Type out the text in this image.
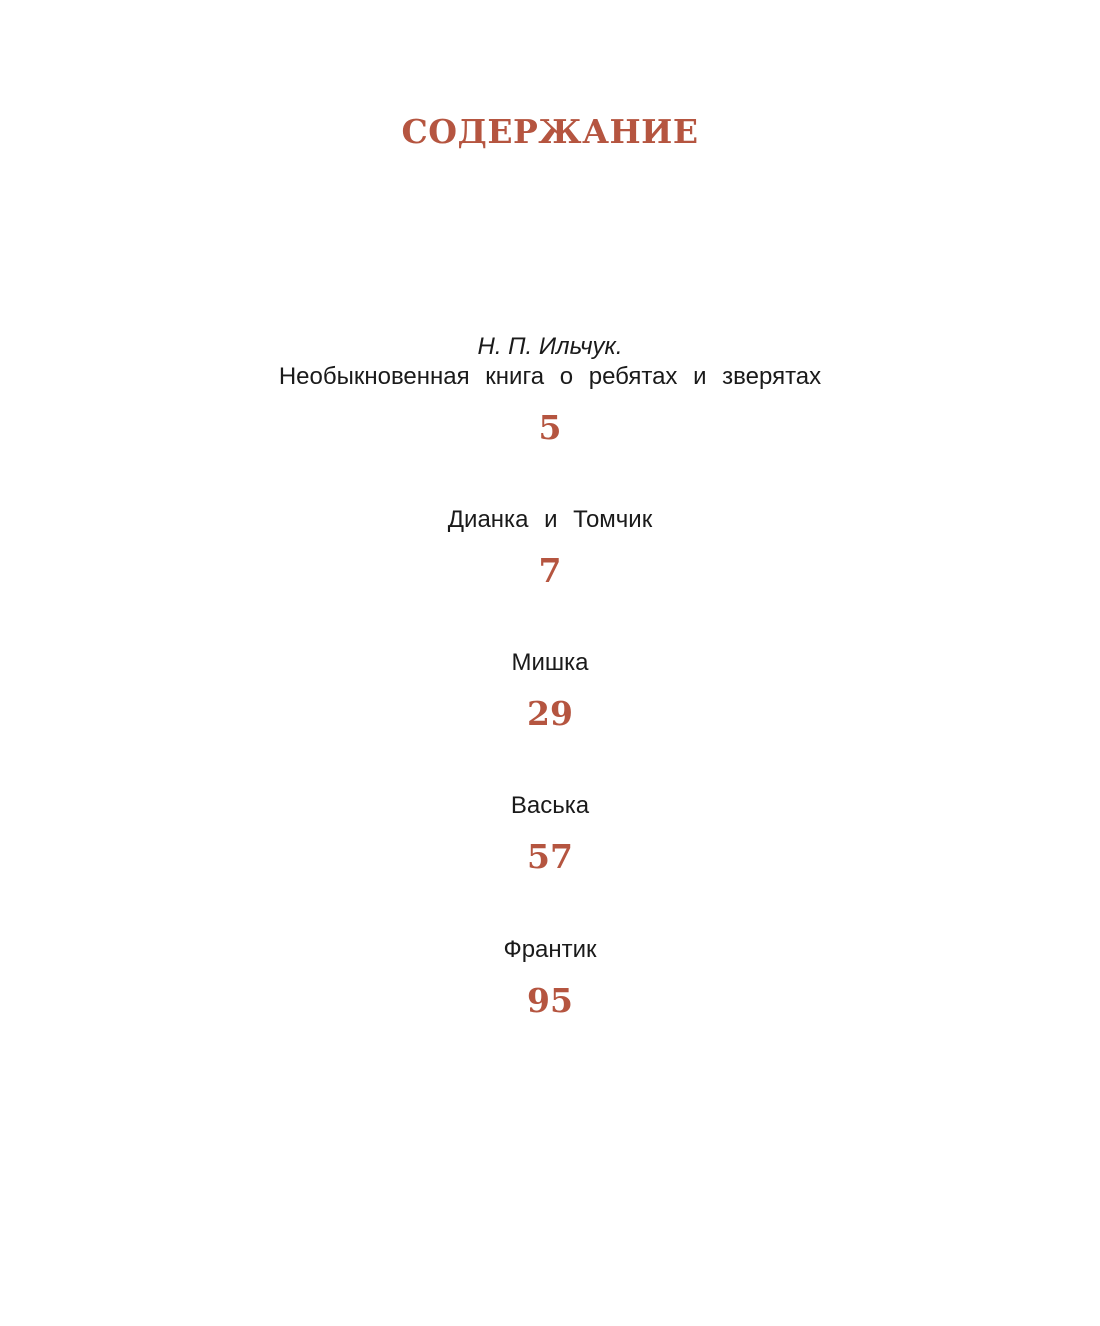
СОДЕРЖАНИЕ
Н. П. Ильчук.
Необыкновенная книга о ребятах и зверятах
5
Дианка и Томчик
7
Мишка
29
Васька
57
Франтик
95
